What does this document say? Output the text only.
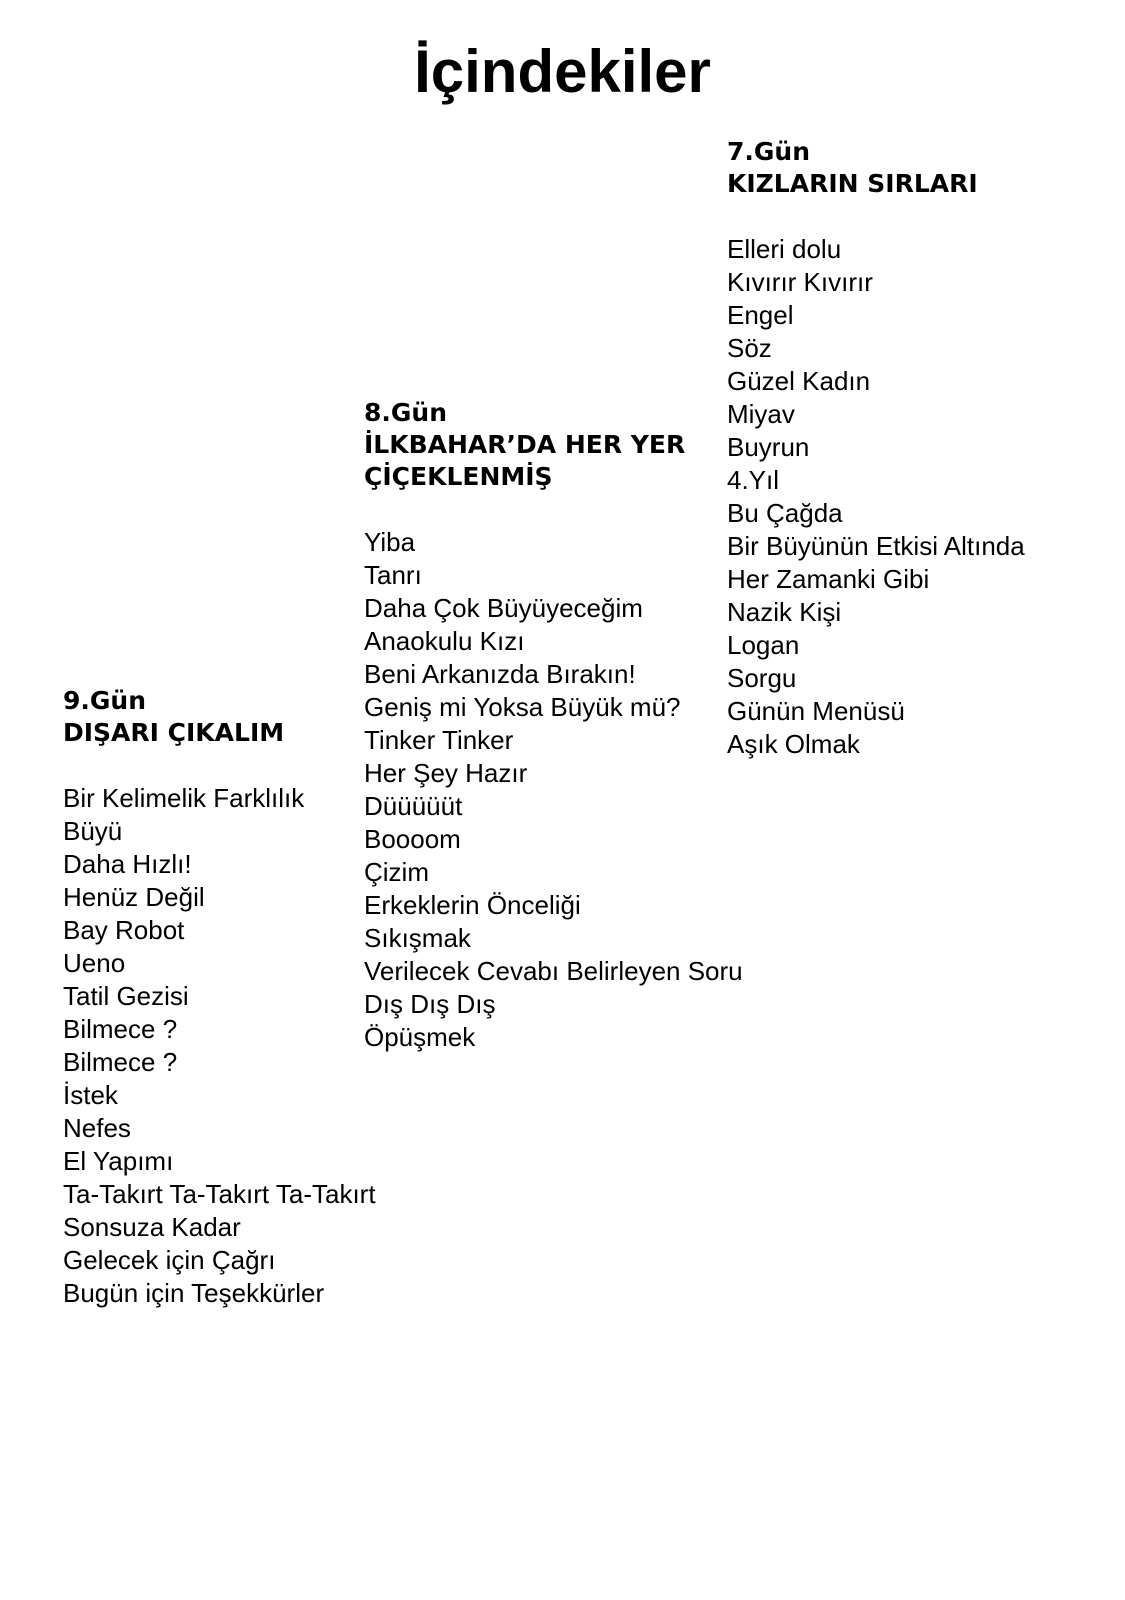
İçindekiler
9.Gün
DIŞARI ÇIKALIM
Bir Kelimelik Farklılık
Büyü
Daha Hızlı!
Henüz Değil
Bay Robot
Ueno
Tatil Gezisi
Bilmece ?
Bilmece ?
İstek
Nefes
El Yapımı
Ta-Takırt Ta-Takırt Ta-Takırt
Sonsuza Kadar
Gelecek için Çağrı
Bugün için Teşekkürler
8.Gün
İLKBAHAR’DA HER YER
ÇİÇEKLENMİŞ
Yiba
Tanrı
Daha Çok Büyüyeceğim
Anaokulu Kızı
Beni Arkanızda Bırakın!
Geniş mi Yoksa Büyük mü?
Tinker Tinker
Her Şey Hazır
Düüüüüt
Boooom
Çizim
Erkeklerin Önceliği
Sıkışmak
Verilecek Cevabı Belirleyen Soru
Dış Dış Dış
Öpüşmek
7.Gün
KIZLARIN SIRLARI
Elleri dolu
Kıvırır Kıvırır
Engel
Söz
Güzel Kadın
Miyav
Buyrun
4.Yıl
Bu Çağda
Bir Büyünün Etkisi Altında
Her Zamanki Gibi
Nazik Kişi
Logan
Sorgu
Günün Menüsü
Aşık Olmak
